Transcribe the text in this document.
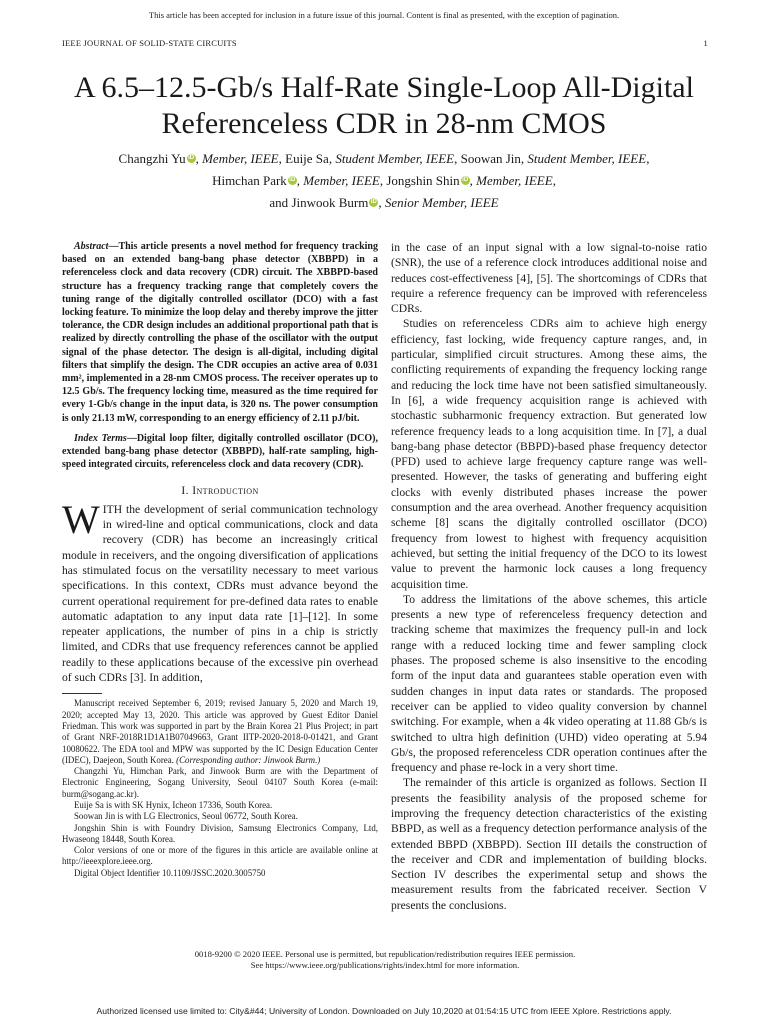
This article has been accepted for inclusion in a future issue of this journal. Content is final as presented, with the exception of pagination.
IEEE JOURNAL OF SOLID-STATE CIRCUITS	1
A 6.5–12.5-Gb/s Half-Rate Single-Loop All-Digital
Referenceless CDR in 28-nm CMOS
Changzhi Yu iD , Member, IEEE, Euije Sa, Student Member, IEEE, Soowan Jin, Student Member, IEEE,
Himchan Park iD , Member, IEEE, Jongshin Shin iD , Member, IEEE,
and Jinwook Burm iD , Senior Member, IEEE

Abstract—This article presents a novel method for frequency tracking based on an extended bang-bang phase detector (XBBPD) in a referenceless clock and data recovery (CDR) circuit. The XBBPD-based structure has a frequency tracking range that completely covers the tuning range of the digitally controlled oscillator (DCO) with a fast locking feature. To minimize the loop delay and thereby improve the jitter tolerance, the CDR design includes an additional proportional path that is realized by directly controlling the phase of the oscillator with the output signal of the phase detector. The design is all-digital, including digital filters that simplify the design. The CDR occupies an active area of 0.031 mm², implemented in a 28-nm CMOS process. The receiver operates up to 12.5 Gb/s. The frequency locking time, measured as the time required for every 1-Gb/s change in the input data, is 320 ns. The power consumption is only 21.13 mW, corresponding to an energy efficiency of 2.11 pJ/bit.

Index Terms—Digital loop filter, digitally controlled oscillator (DCO), extended bang-bang phase detector (XBBPD), half-rate sampling, high-speed integrated circuits, referenceless clock and data recovery (CDR).

I. Introduction

WITH the development of serial communication technology in wired-line and optical communications, clock and data recovery (CDR) has become an increasingly critical module in receivers, and the ongoing diversification of applications has stimulated focus on the versatility necessary to meet various specifications. In this context, CDRs must advance beyond the current operational requirement for pre-defined data rates to enable automatic adaptation to any input data rate [1]–[12]. In some repeater applications, the number of pins in a chip is strictly limited, and CDRs that use frequency references cannot be applied readily to these applications because of the excessive pin overhead of such CDRs [3]. In addition,

Manuscript received September 6, 2019; revised January 5, 2020 and March 19, 2020; accepted May 13, 2020. This article was approved by Guest Editor Daniel Friedman. This work was supported in part by the Brain Korea 21 Plus Project; in part of Grant NRF-2018R1D1A1B07049663, Grant IITP-2020-2018-0-01421, and Grant 10080622. The EDA tool and MPW was supported by the IC Design Education Center (IDEC), Daejeon, South Korea. (Corresponding author: Jinwook Burm.)

Changzhi Yu, Himchan Park, and Jinwook Burm are with the Department of Electronic Engineering, Sogang University, Seoul 04107 South Korea (e-mail: burm@sogang.ac.kr).

Euije Sa is with SK Hynix, Icheon 17336, South Korea.

Soowan Jin is with LG Electronics, Seoul 06772, South Korea.

Jongshin Shin is with Foundry Division, Samsung Electronics Company, Ltd, Hwaseong 18448, South Korea.

Color versions of one or more of the figures in this article are available online at http://ieeexplore.ieee.org.

Digital Object Identifier 10.1109/JSSC.2020.3005750

in the case of an input signal with a low signal-to-noise ratio (SNR), the use of a reference clock introduces additional noise and reduces cost-effectiveness [4], [5]. The shortcomings of CDRs that require a reference frequency can be improved with referenceless CDRs.

Studies on referenceless CDRs aim to achieve high energy efficiency, fast locking, wide frequency capture ranges, and, in particular, simplified circuit structures. Among these aims, the conflicting requirements of expanding the frequency locking range and reducing the lock time have not been satisfied simultaneously. In [6], a wide frequency acquisition range is achieved with stochastic subharmonic frequency extraction. But generated low reference frequency leads to a long acquisition time. In [7], a dual bang-bang phase detector (BBPD)-based phase frequency detector (PFD) used to achieve large frequency capture range was well-presented. However, the tasks of generating and buffering eight clocks with evenly distributed phases increase the power consumption and the area overhead. Another frequency acquisition scheme [8] scans the digitally controlled oscillator (DCO) frequency from lowest to highest with frequency acquisition achieved, but setting the initial frequency of the DCO to its lowest value to prevent the harmonic lock causes a long frequency acquisition time.

To address the limitations of the above schemes, this article presents a new type of referenceless frequency detection and tracking scheme that maximizes the frequency pull-in and lock range with a reduced locking time and fewer sampling clock phases. The proposed scheme is also insensitive to the encoding form of the input data and guarantees stable operation even with sudden changes in input data rates or standards. The proposed receiver can be applied to video quality conversion by channel switching. For example, when a 4k video operating at 11.88 Gb/s is switched to ultra high definition (UHD) video operating at 5.94 Gb/s, the proposed referenceless CDR operation continues after the frequency and phase re-lock in a very short time.

The remainder of this article is organized as follows. Section II presents the feasibility analysis of the proposed scheme for improving the frequency detection characteristics of the existing BBPD, as well as a frequency detection performance analysis of the extended BBPD (XBBPD). Section III details the construction of the receiver and CDR and implementation of building blocks. Section IV describes the experimental setup and shows the measurement results from the fabricated receiver. Section V presents the conclusions.

0018-9200 © 2020 IEEE. Personal use is permitted, but republication/redistribution requires IEEE permission.
See https://www.ieee.org/publications/rights/index.html for more information.
Authorized licensed use limited to: City&#44; University of London. Downloaded on July 10,2020 at 01:54:15 UTC from IEEE Xplore. Restrictions apply.
